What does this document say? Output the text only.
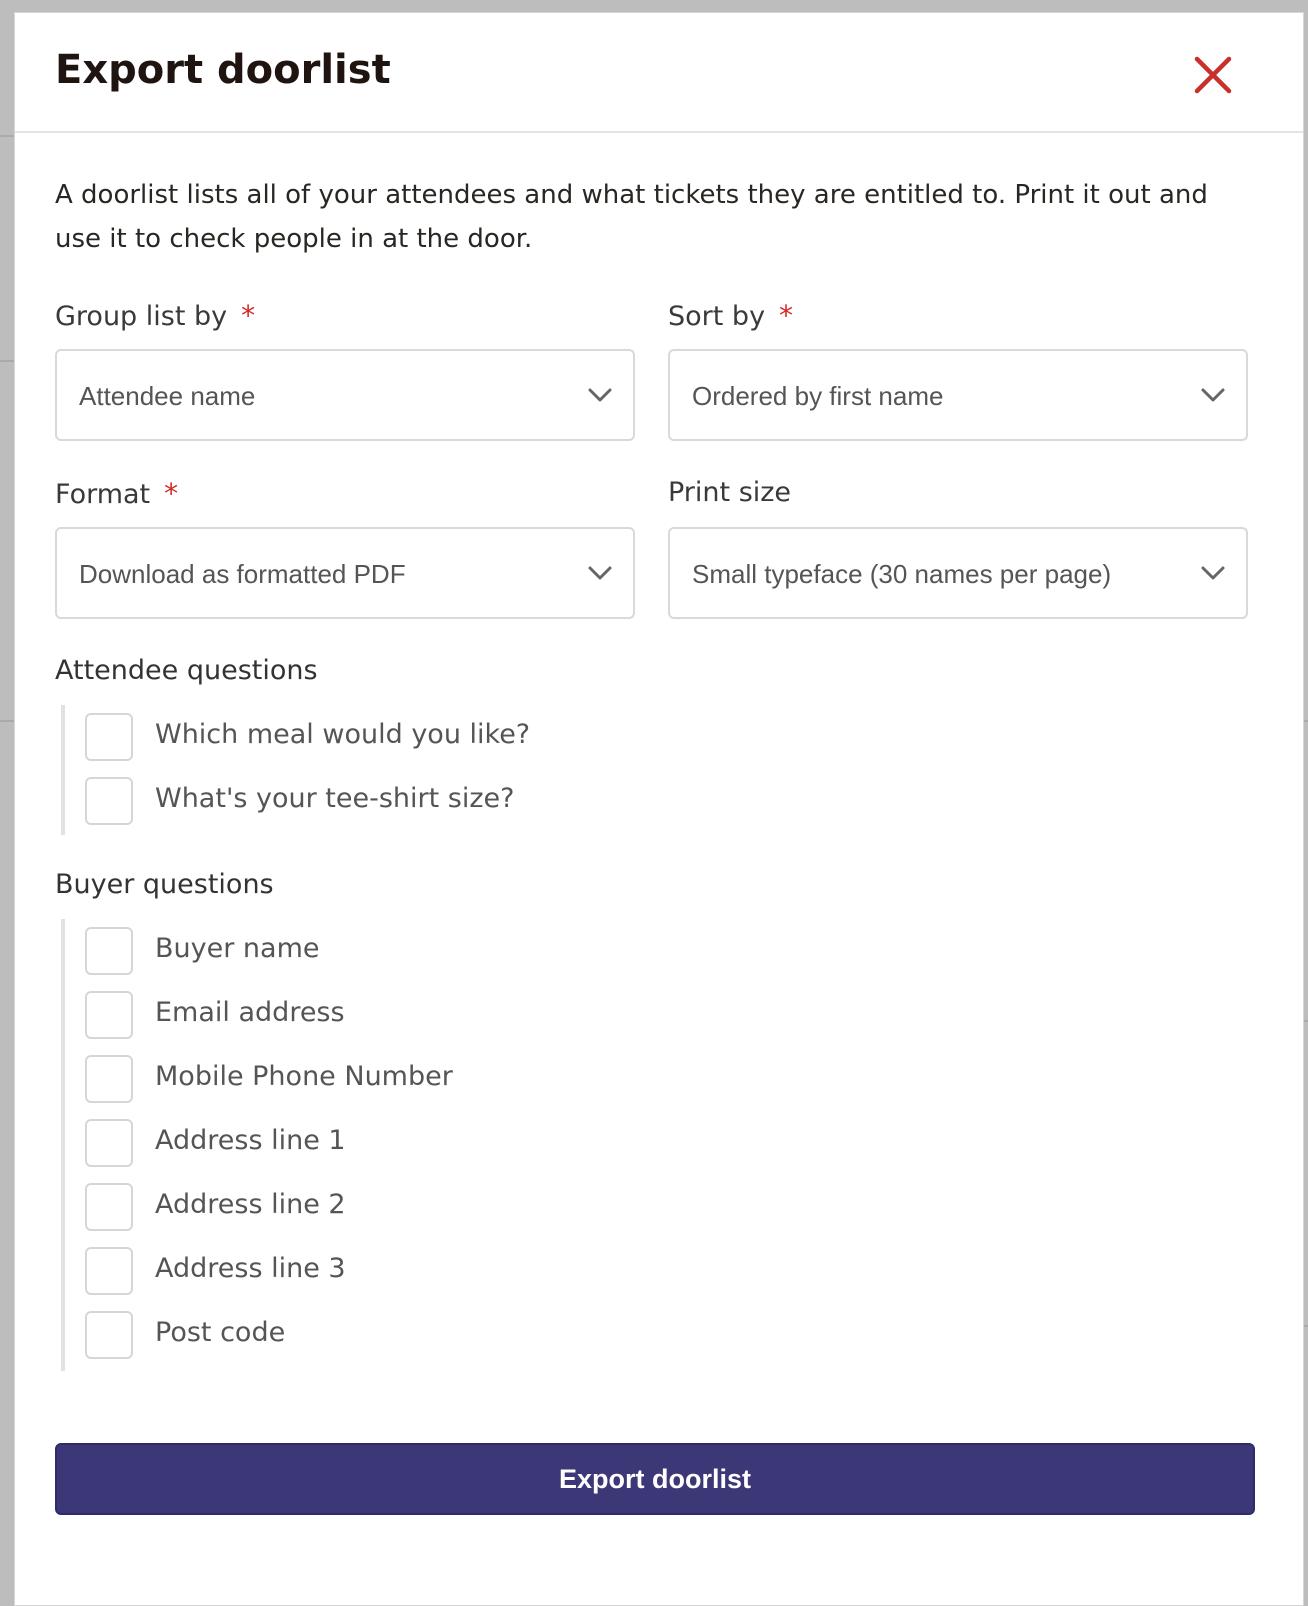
Export doorlist

A doorlist lists all of your attendees and what tickets they are entitled to. Print it out and use it to check people in at the door.

Group list by *
Attendee name
Sort by *
Ordered by first name
Format *
Download as formatted PDF
Print size
Small typeface (30 names per page)
Attendee questions
Which meal would you like?
What's your tee-shirt size?
Buyer questions
Buyer name
Email address
Mobile Phone Number
Address line 1
Address line 2
Address line 3
Post code
Export doorlist
